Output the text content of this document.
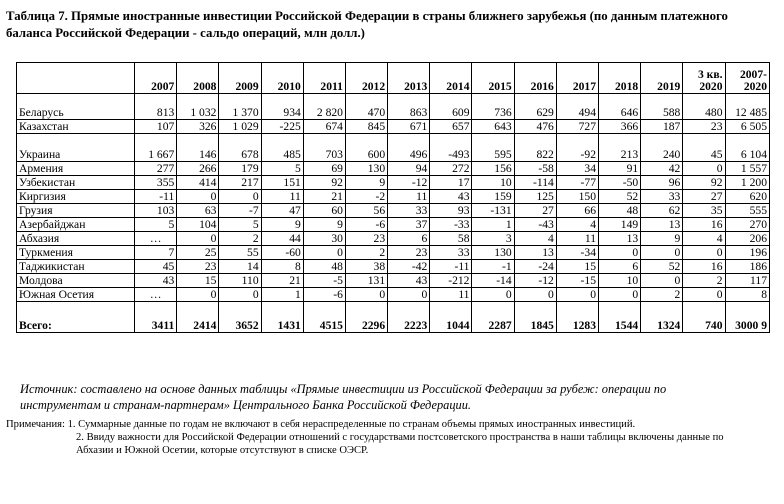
Таблица 7. Прямые иностранные инвестиции Российской Федерации в страны ближнего зарубежья (по данным платежного баланса Российской Федерации - сальдо операций, млн долл.)
	2007	2008	2009	2010	2011	2012	2013	2014	2015	2016	2017	2018	2019	3 кв. 2020	2007-2020
Беларусь	813	1 032	1 370	934	2 820	470	863	609	736	629	494	646	588	480	12 485
Казахстан	107	326	1 029	-225	674	845	671	657	643	476	727	366	187	23	6 505
Украина	1 667	146	678	485	703	600	496	-493	595	822	-92	213	240	45	6 104
Армения	277	266	179	5	69	130	94	272	156	-58	34	91	42	0	1 557
Узбекистан	355	414	217	151	92	9	-12	17	10	-114	-77	-50	96	92	1 200
Киргизия	-11	0	0	11	21	-2	11	43	159	125	150	52	33	27	620
Грузия	103	63	-7	47	60	56	33	93	-131	27	66	48	62	35	555
Азербайджан	5	104	5	9	9	-6	37	-33	1	-43	4	149	13	16	270
Абхазия	…	0	2	44	30	23	6	58	3	4	11	13	9	4	206
Туркмения	7	25	55	-60	0	2	23	33	130	13	-34	0	0	0	196
Таджикистан	45	23	14	8	48	38	-42	-11	-1	-24	15	6	52	16	186
Молдова	43	15	110	21	-5	131	43	-212	-14	-12	-15	10	0	2	117
Южная Осетия	…	0	0	1	-6	0	0	11	0	0	0	0	2	0	8
Всего:	3411	2414	3652	1431	4515	2296	2223	1044	2287	1845	1283	1544	1324	740	3000 9
Источник: составлено на основе данных таблицы «Прямые инвестиции из Российской Федерации за рубеж: операции по инструментам и странам-партнерам» Центрального Банка Российской Федерации.
Примечания: 1. Суммарные данные по годам не включают в себя нераспределенные по странам объемы прямых иностранных инвестиций.
2. Ввиду важности для Российской Федерации отношений с государствами постсоветского пространства в наши таблицы включены данные по Абхазии и Южной Осетии, которые отсутствуют в списке ОЭСР.
